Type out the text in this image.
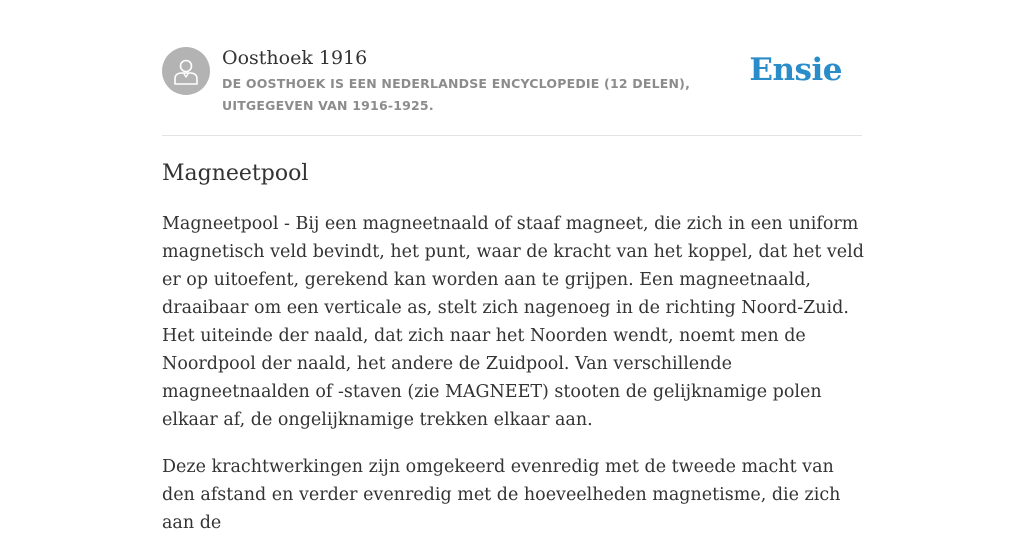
Oosthoek 1916
DE OOSTHOEK IS EEN NEDERLANDSE ENCYCLOPEDIE (12 DELEN), UITGEGEVEN VAN 1916-1925.
Ensie
Magneetpool

Magneetpool - Bij een magneetnaald of staaf magneet, die zich in een uniform magnetisch veld bevindt, het punt, waar de kracht van het koppel, dat het veld er op uitoefent, gerekend kan worden aan te grijpen. Een magneetnaald, draaibaar om een verticale as, stelt zich nagenoeg in de richting Noord-Zuid. Het uiteinde der naald, dat zich naar het Noorden wendt, noemt men de Noordpool der naald, het andere de Zuidpool. Van verschillende magneetnaalden of -staven (zie MAGNEET) stooten de gelijknamige polen elkaar af, de ongelijknamige trekken elkaar aan.

Deze krachtwerkingen zijn omgekeerd evenredig met de tweede macht van den afstand en verder evenredig met de hoeveelheden magnetisme, die zich aan de
